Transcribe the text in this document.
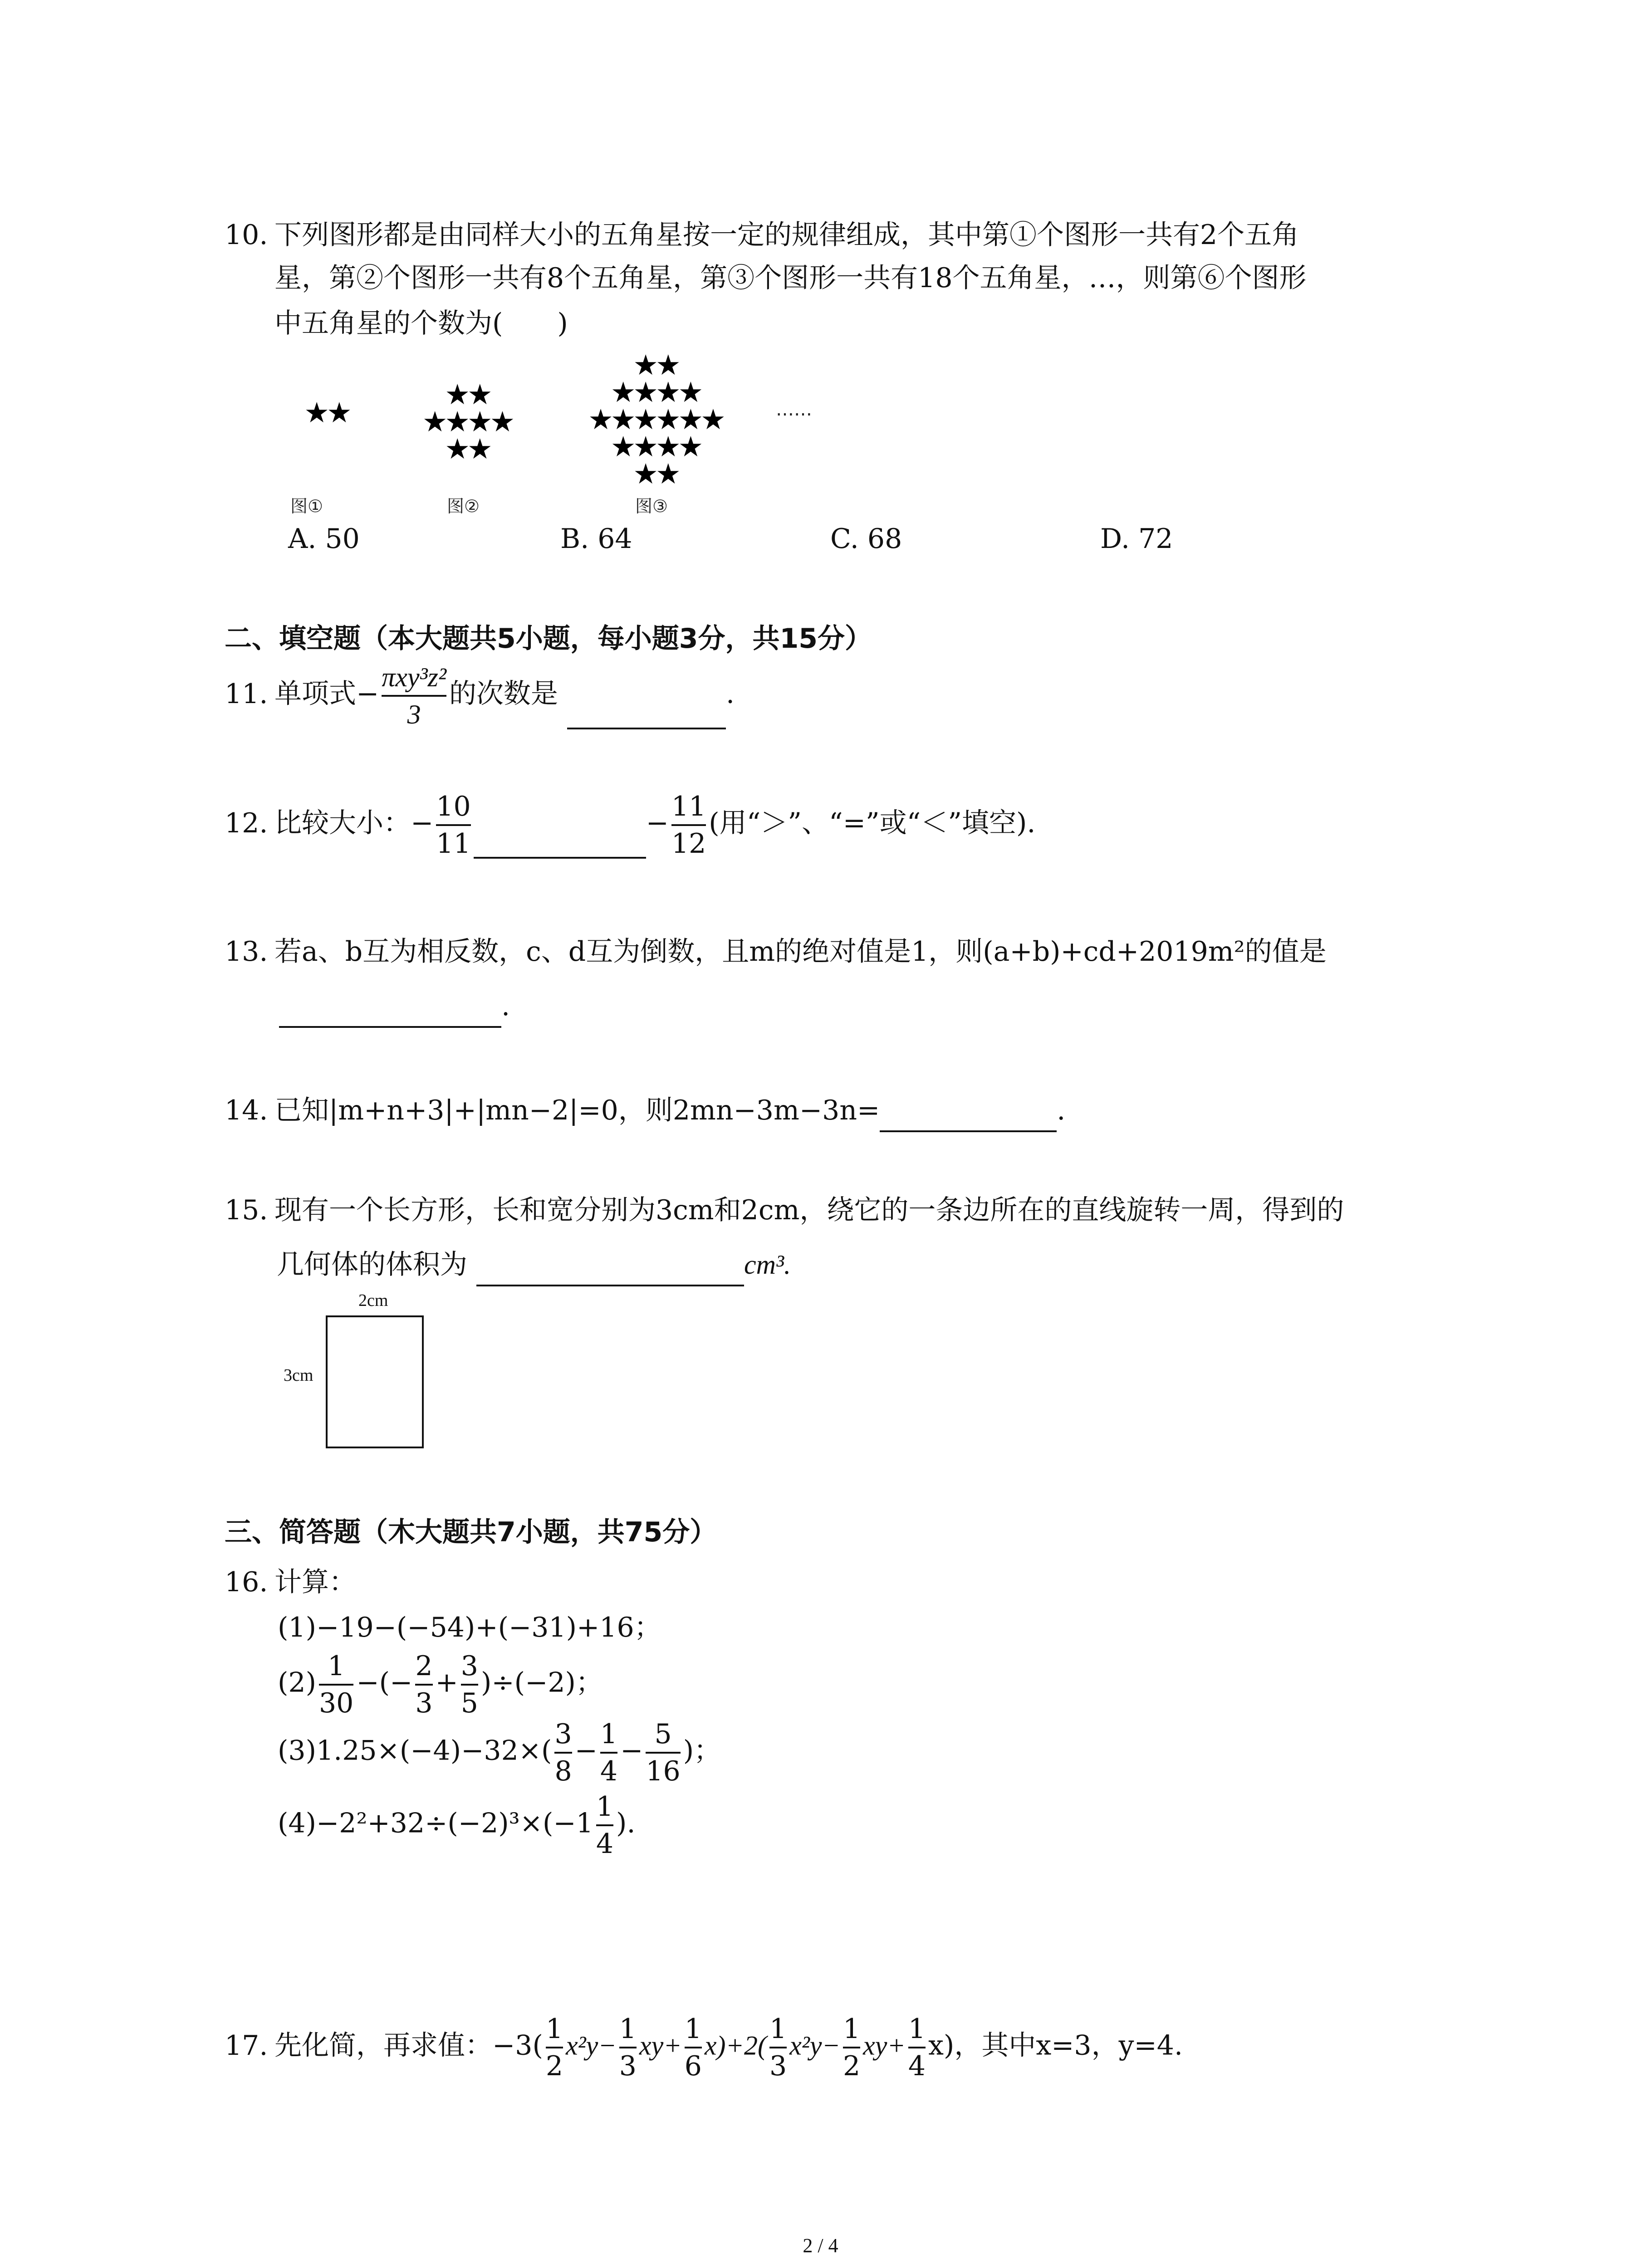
10. 下列图形都是由同样大小的五角星按一定的规律组成，其中第①个图形一共有2个五角
星，第②个图形一共有8个五角星，第③个图形一共有18个五角星，…，则第⑥个图形
中五角星的个数为(　　)
★★
★★
★★★★
★★
★★
★★★★
★★★★★★
★★★★
★★
……
图①	图②	图③
A. 50	B. 64	C. 68	D. 72
二、填空题（本大题共5小题，每小题3分，共15分）
11. 单项式− $\frac{\text{πxy³z²}}{3}$ 的次数是	.
12. 比较大小：− $\frac{10}{11}$	− $\frac{11}{12}$ (用“＞”、“=”或“＜”填空).
13. 若a、b互为相反数，c、d互为倒数，且m的绝对值是1，则(a+b)+cd+2019m²的值是
.
14. 已知|m+n+3|+|mn−2|=0，则2mn−3m−3n=	.
15. 现有一个长方形，长和宽分别为3cm和2cm，绕它的一条边所在的直线旋转一周，得到的
几何体的体积为	cm³.
2cm
3cm
三、简答题（木大题共7小题，共75分）
16. 计算：
(1)−19−(−54)+(−31)+16；
$(2) \frac{1}{30}$ −(− $\frac{2}{3} + \frac{3}{5} )\div(-2)$；
$(3)1.25\times(-4)-32\times( \frac{3}{8} - \frac{1}{4} - \frac{5}{16}$ )；
$(4)-2^2+32\div(-2)^3\times(-1 \frac{1}{4}$ ).
17. 先化简，再求值：$-3( \frac{1}{2} x^2y- \frac{1}{3} xy+ \frac{1}{6} x)+2( \frac{1}{3} x^2y- \frac{1}{2} xy+ \frac{1}{4} x)$，其中x=3，y=4.
2 / 4
